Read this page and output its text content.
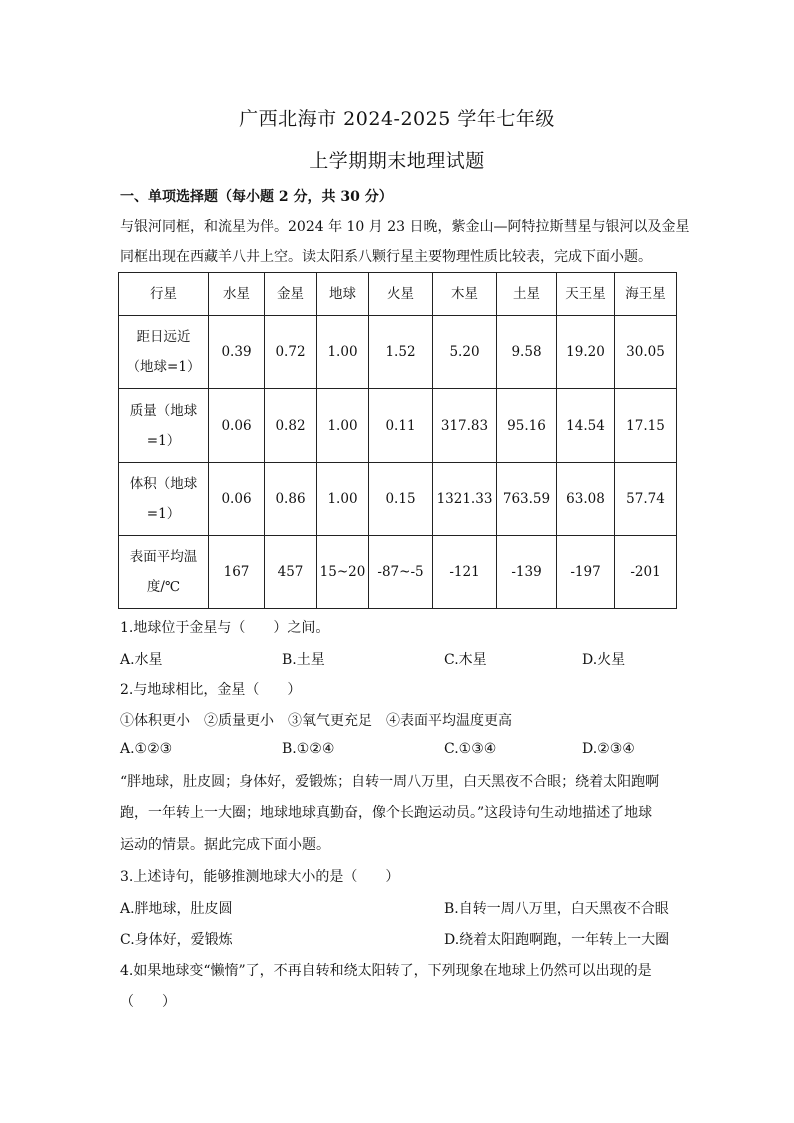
广西北海市 2024-2025 学年七年级
上学期期末地理试题
一、单项选择题（每小题 2 分，共 30 分）
与银河同框，和流星为伴。2024 年 10 月 23 日晚，紫金山—阿特拉斯彗星与银河以及金星
同框出现在西藏羊八井上空。读太阳系八颗行星主要物理性质比较表，完成下面小题。
行星	水星	金星	地球	火星	木星	土星	天王星	海王星

距日远近
（地球=1）	0.39	0.72	1.00	1.52	5.20	9.58	19.20	30.05

质量（地球
=1）	0.06	0.82	1.00	0.11	317.83	95.16	14.54	17.15

体积（地球
=1）	0.06	0.86	1.00	0.15	1321.33	763.59	63.08	57.74

表面平均温
度/℃	167	457	15~20	-87~-5	-121	-139	-197	-201
1.地球位于金星与（　　）之间。
A.水星	B.土星	C.木星	D.火星
2.与地球相比，金星（　　）
①体积更小　②质量更小　③氧气更充足　④表面平均温度更高
A.①②③	B.①②④	C.①③④	D.②③④
“胖地球，肚皮圆；身体好，爱锻炼；自转一周八万里，白天黑夜不合眼；绕着太阳跑啊
跑，一年转上一大圈；地球地球真勤奋，像个长跑运动员。”这段诗句生动地描述了地球
运动的情景。据此完成下面小题。
3.上述诗句，能够推测地球大小的是（　　）
A.胖地球，肚皮圆	B.自转一周八万里，白天黑夜不合眼
C.身体好，爱锻炼	D.绕着太阳跑啊跑，一年转上一大圈
4.如果地球变“懒惰”了，不再自转和绕太阳转了，下列现象在地球上仍然可以出现的是
（　　）
